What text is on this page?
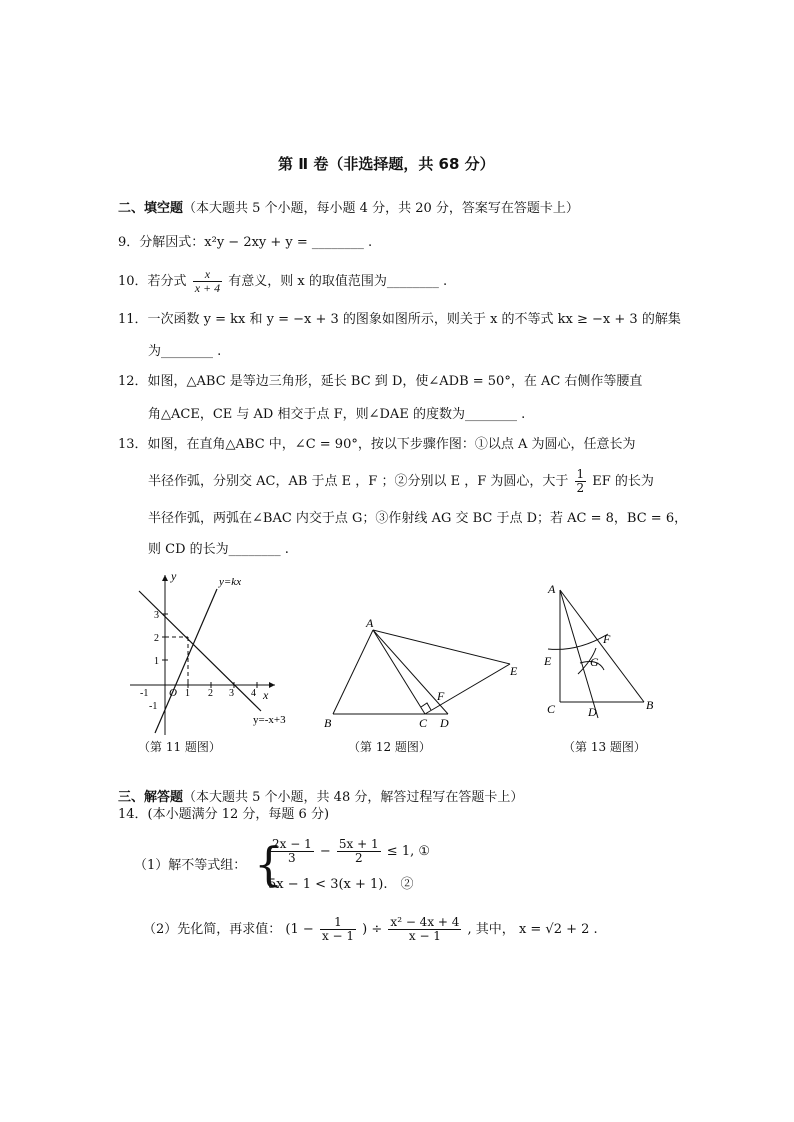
第 Ⅱ 卷（非选择题，共 68 分）
二、填空题（本大题共 5 个小题，每小题 4 分，共 20 分，答案写在答题卡上）
9．分解因式：x²y − 2xy + y = ________ .
10．若分式 $\frac{x}{x + 4}$ 有意义，则 x 的取值范围为________ .
11．一次函数 y = kx 和 y = −x + 3 的图象如图所示，则关于 x 的不等式 kx ≥ −x + 3 的解集
为________ .
12．如图，△ABC 是等边三角形，延长 BC 到 D，使∠ADB = 50°，在 AC 右侧作等腰直
角△ACE，CE 与 AD 相交于点 F，则∠DAE 的度数为________ .
13．如图，在直角△ABC 中，∠C = 90°，按以下步骤作图：①以点 A 为圆心，任意长为
半径作弧，分别交 AC，AB 于点 E ，F ；②分别以 E ，F 为圆心，大于 $\frac{1}{2}$ EF 的长为
半径作弧，两弧在∠BAC 内交于点 G；③作射线 AG 交 BC 于点 D；若 AC = 8，BC = 6，
则 CD 的长为________ .
y
x
O
y=kx
y=-x+3
-1	1 2 3 4
3
2
1
-1
（第 11 题图）
A
B	C D
E
F
（第 12 题图）
A
F
E	G
C	D	B
（第 13 题图）
三、解答题（本大题共 5 个小题，共 48 分，解答过程写在答题卡上）
14．(本小题满分 12 分，每题 6 分)
（1）解不等式组： {
$\frac{2x - 1}{3} - \frac{5x + 1}{2} \le 1$, ①
5x − 1 < 3(x + 1).　②
（2）先化简，再求值： ($1 - \frac{1}{x - 1}$ ) ÷ $\frac{\text{x² − 4x + 4}}{x - 1}$ , 其中， x = √2 + 2 .
